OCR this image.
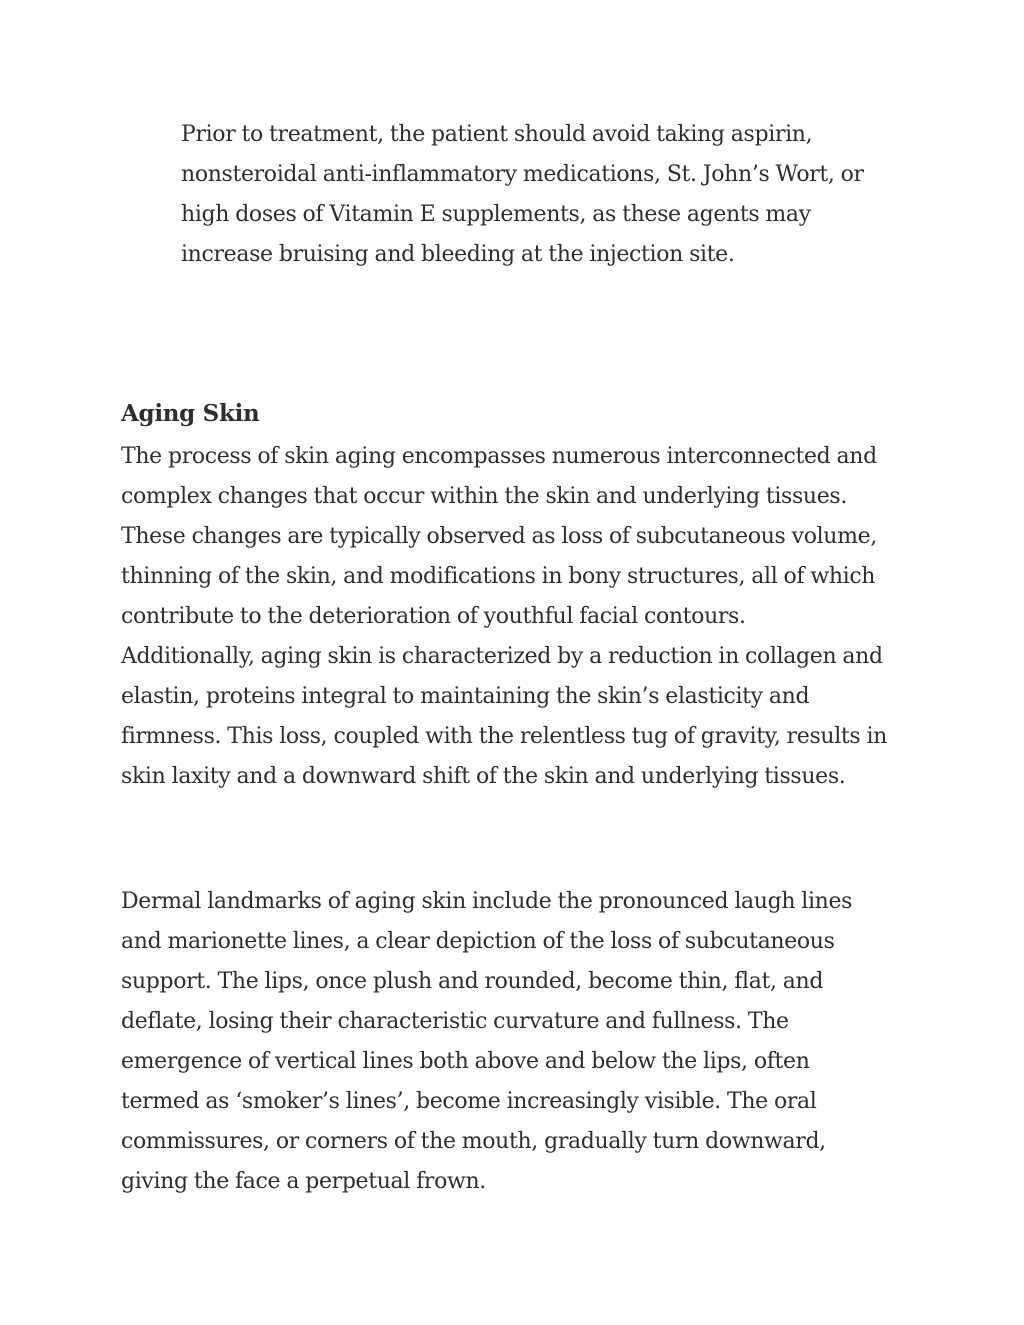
Prior to treatment, the patient should avoid taking aspirin,
nonsteroidal anti-inflammatory medications, St. John’s Wort, or
high doses of Vitamin E supplements, as these agents may
increase bruising and bleeding at the injection site.
Aging Skin
The process of skin aging encompasses numerous interconnected and
complex changes that occur within the skin and underlying tissues.
These changes are typically observed as loss of subcutaneous volume,
thinning of the skin, and modifications in bony structures, all of which
contribute to the deterioration of youthful facial contours.
Additionally, aging skin is characterized by a reduction in collagen and
elastin, proteins integral to maintaining the skin’s elasticity and
firmness. This loss, coupled with the relentless tug of gravity, results in
skin laxity and a downward shift of the skin and underlying tissues.
Dermal landmarks of aging skin include the pronounced laugh lines
and marionette lines, a clear depiction of the loss of subcutaneous
support. The lips, once plush and rounded, become thin, flat, and
deflate, losing their characteristic curvature and fullness. The
emergence of vertical lines both above and below the lips, often
termed as ‘smoker’s lines’, become increasingly visible. The oral
commissures, or corners of the mouth, gradually turn downward,
giving the face a perpetual frown.
